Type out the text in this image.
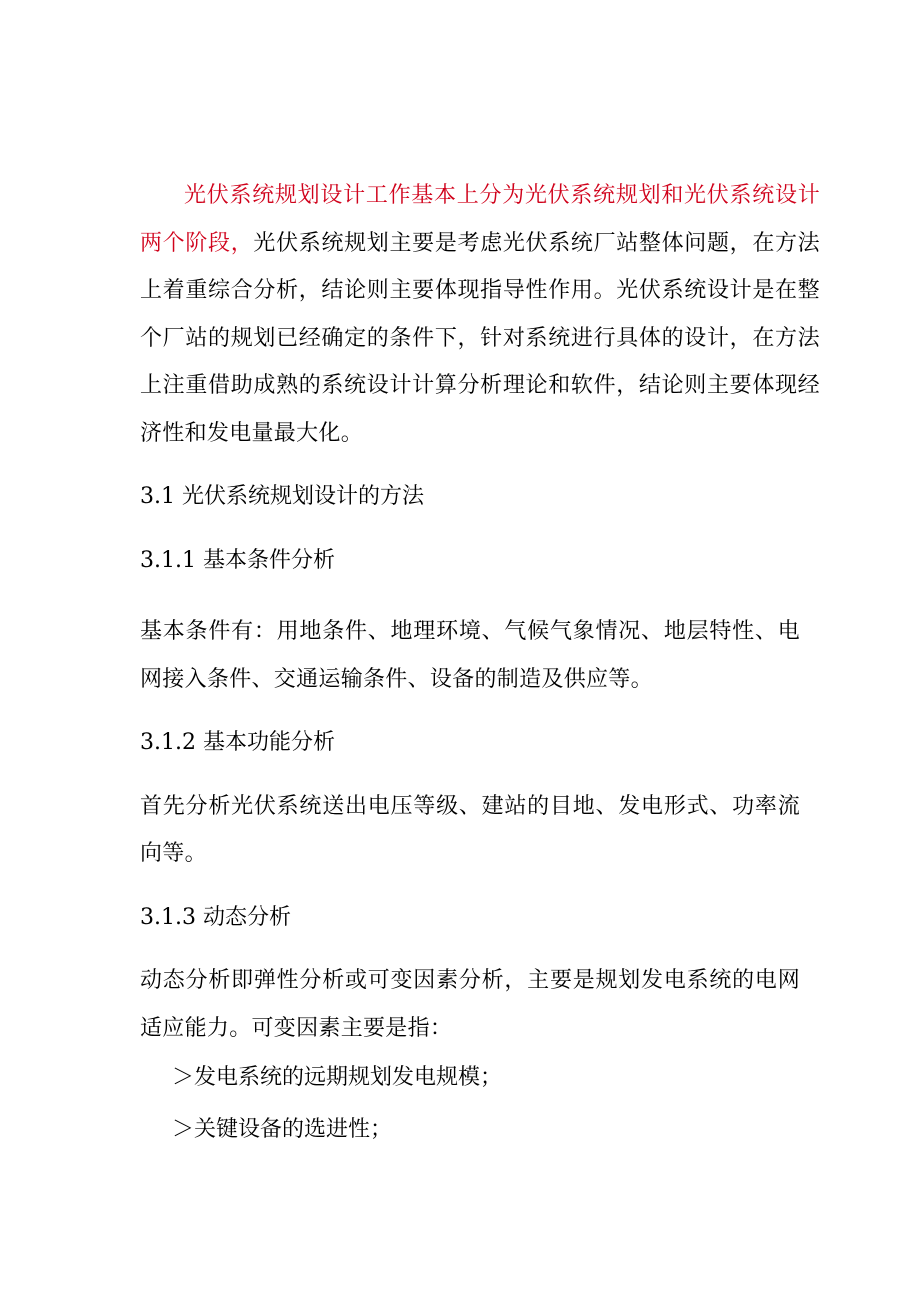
光伏系统规划设计工作基本上分为光伏系统规划和光伏系统设计两个阶段，光伏系统规划主要是考虑光伏系统厂站整体问题，在方法上着重综合分析，结论则主要体现指导性作用。光伏系统设计是在整个厂站的规划已经确定的条件下，针对系统进行具体的设计，在方法上注重借助成熟的系统设计计算分析理论和软件，结论则主要体现经济性和发电量最大化。

3.1 光伏系统规划设计的方法

3.1.1 基本条件分析

基本条件有：用地条件、地理环境、气候气象情况、地层特性、电网接入条件、交通运输条件、设备的制造及供应等。

3.1.2 基本功能分析

首先分析光伏系统送出电压等级、建站的目地、发电形式、功率流向等。

3.1.3 动态分析

动态分析即弹性分析或可变因素分析，主要是规划发电系统的电网适应能力。可变因素主要是指：

＞发电系统的远期规划发电规模；

＞关键设备的选进性；
